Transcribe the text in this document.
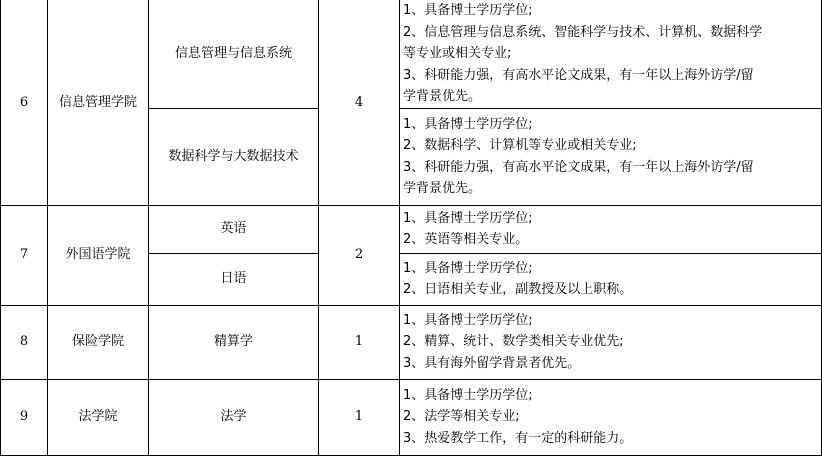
6	信息管理学院	信息管理与信息系统	4	1、具备博士学历学位;
2、信息管理与信息系统、智能科学与技术、计算机、数据科学
等专业或相关专业;
3、科研能力强，有高水平论文成果，有一年以上海外访学/留
学背景优先。

		数据科学与大数据技术		1、具备博士学历学位;
2、数据科学、计算机等专业或相关专业;
3、科研能力强，有高水平论文成果，有一年以上海外访学/留
学背景优先。

7	外国语学院	英语	2	1、具备博士学历学位;
2、英语等相关专业。

		日语		1、具备博士学历学位;
2、日语相关专业，副教授及以上职称。

8	保险学院	精算学	1	1、具备博士学历学位;
2、精算、统计、数学类相关专业优先;
3、具有海外留学背景者优先。

9	法学院	法学	1	1、具备博士学历学位;
2、法学等相关专业;
3、热爱教学工作，有一定的科研能力。
